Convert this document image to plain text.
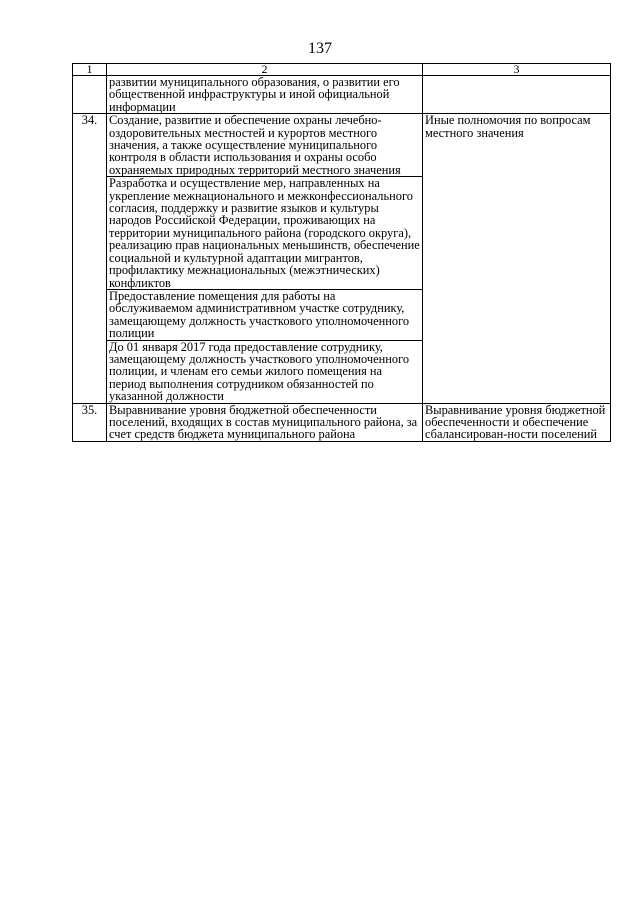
137
1	2	3
	развитии муниципального образования, о развитии его общественной инфраструктуры и иной официальной информации	
34.	Создание, развитие и обеспечение охраны лечебно-оздоровительных местностей и курортов местного значения, а также осуществление муниципального контроля в области использования и охраны особо охраняемых природных территорий местного значения
Разработка и осуществление мер, направленных на укрепление межнационального и межконфессионального согласия, поддержку и развитие языков и культуры народов Российской Федерации, проживающих на территории муниципального района (городского округа), реализацию прав национальных меньшинств, обеспечение социальной и культурной адаптации мигрантов, профилактику межнациональных (межэтнических) конфликтов
Предоставление помещения для работы на обслуживаемом административном участке сотруднику, замещающему должность участкового уполномоченного полиции
До 01 января 2017 года предоставление сотруднику, замещающему должность участкового уполномоченного полиции, и членам его семьи жилого помещения на период выполнения сотрудником обязанностей по указанной должности	Иные полномочия по вопросам местного значения
35.	Выравнивание уровня бюджетной обеспеченности поселений, входящих в состав муниципального района, за счет средств бюджета муниципального района	Выравнивание уровня бюджетной обеспеченности и обеспечение сбалансирован-ности поселений
